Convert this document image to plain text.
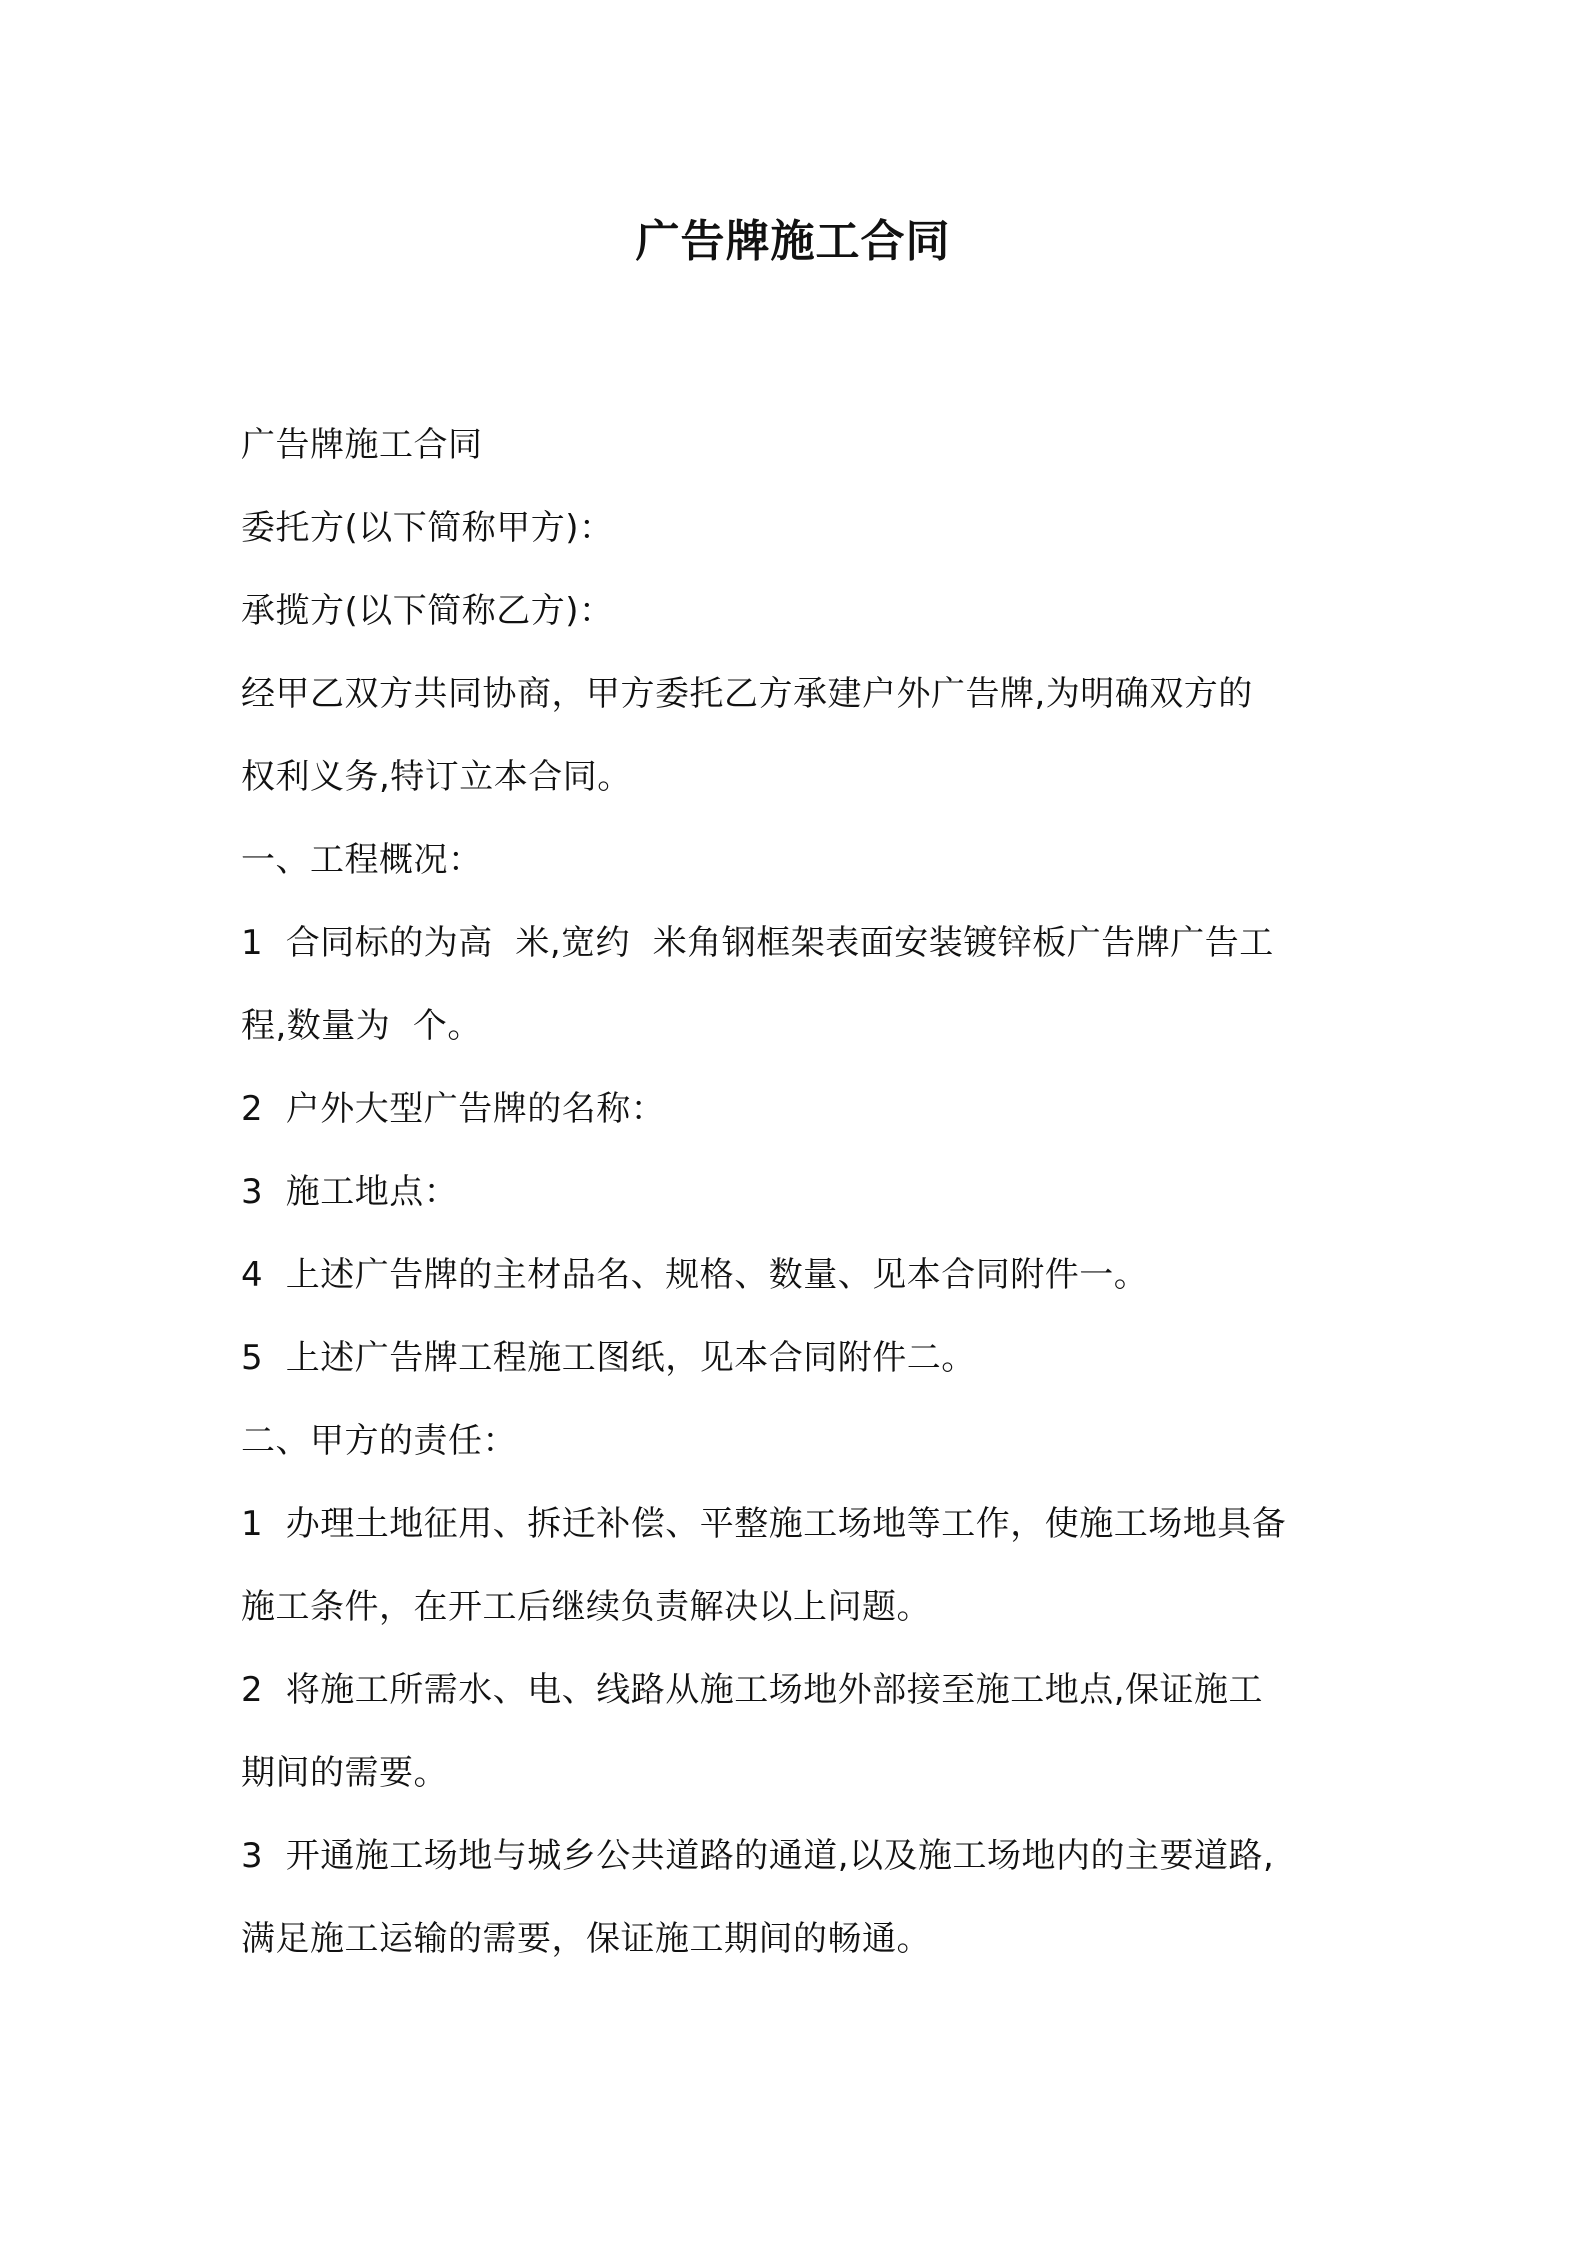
广告牌施工合同
广告牌施工合同
委托方(以下简称甲方)：
承揽方(以下简称乙方)：
经甲乙双方共同协商，甲方委托乙方承建户外广告牌,为明确双方的
权利义务,特订立本合同。
一、工程概况：
1  合同标的为高  米,宽约  米角钢框架表面安装镀锌板广告牌广告工
程,数量为  个。
2  户外大型广告牌的名称：
3  施工地点：
4  上述广告牌的主材品名、规格、数量、见本合同附件一。
5  上述广告牌工程施工图纸，见本合同附件二。
二、甲方的责任：
1  办理土地征用、拆迁补偿、平整施工场地等工作，使施工场地具备
施工条件，在开工后继续负责解决以上问题。
2  将施工所需水、电、线路从施工场地外部接至施工地点,保证施工
期间的需要。
3  开通施工场地与城乡公共道路的通道,以及施工场地内的主要道路,
满足施工运输的需要，保证施工期间的畅通。
